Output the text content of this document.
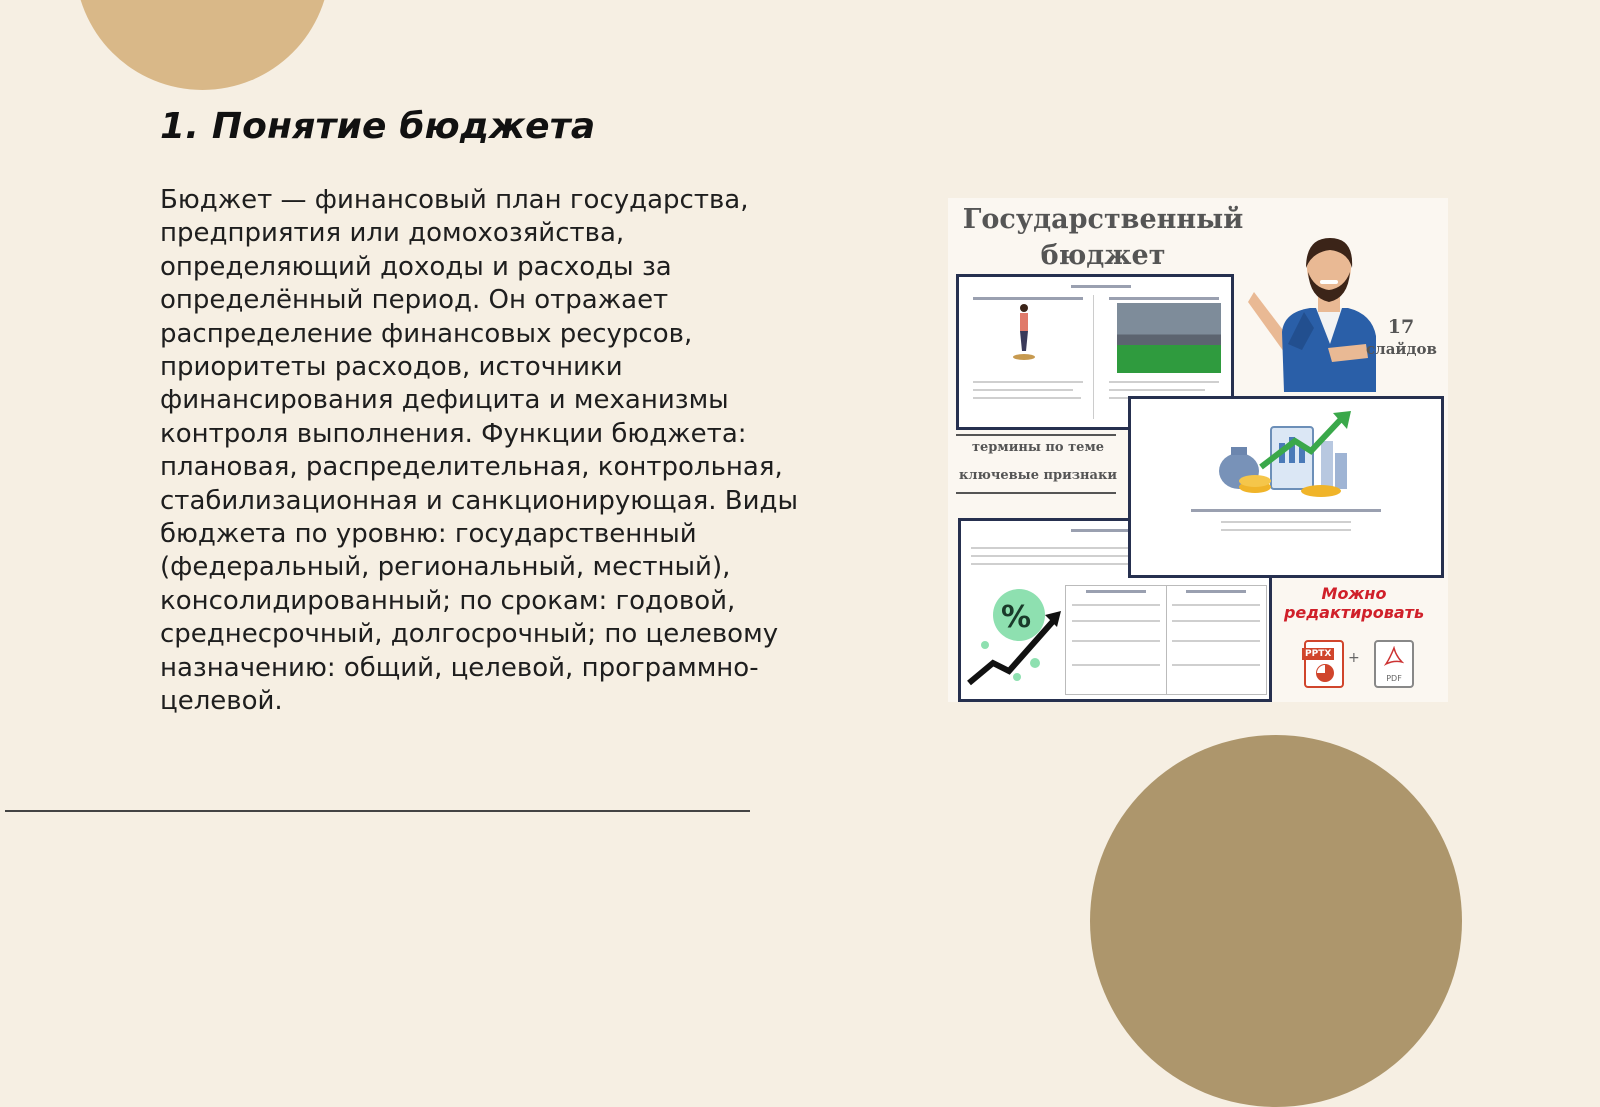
1. Понятие бюджета
Бюджет — финансовый план государства, предприятия или домохозяйства, определяющий доходы и расходы за определённый период. Он отражает распределение финансовых ресурсов, приоритеты расходов, источники финансирования дефицита и механизмы контроля выполнения. Функции бюджета: плановая, распределительная, контрольная, стабилизационная и санкционирующая. Виды бюджета по уровню: государственный (федеральный, региональный, местный), консолидированный; по срокам: годовой, среднесрочный, долгосрочный; по целевому назначению: общий, целевой, программно-целевой.
Государственный
бюджет
17
слайдов
термины по теме
ключевые признаки
%
Можно
редактировать
PPTX +
PDF
